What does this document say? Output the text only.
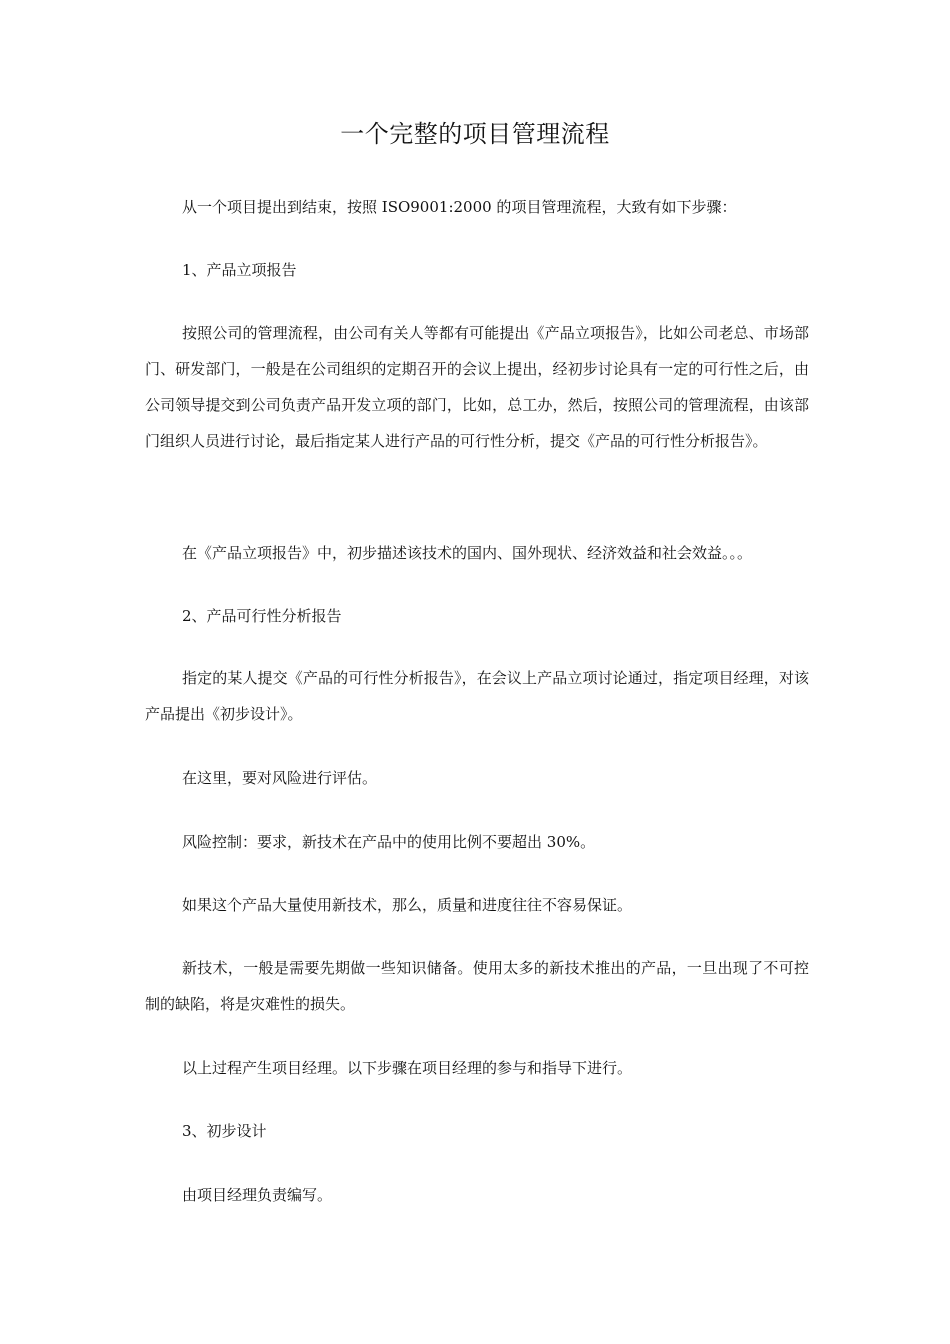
一个完整的项目管理流程

从一个项目提出到结束，按照 ISO9001:2000 的项目管理流程，大致有如下步骤：

1、产品立项报告

按照公司的管理流程，由公司有关人等都有可能提出《产品立项报告》，比如公司老总、市场部门、研发部门，一般是在公司组织的定期召开的会议上提出，经初步讨论具有一定的可行性之后，由公司领导提交到公司负责产品开发立项的部门，比如，总工办，然后，按照公司的管理流程，由该部门组织人员进行讨论，最后指定某人进行产品的可行性分析，提交《产品的可行性分析报告》。

在《产品立项报告》中，初步描述该技术的国内、国外现状、经济效益和社会效益。。。

2、产品可行性分析报告

指定的某人提交《产品的可行性分析报告》，在会议上产品立项讨论通过，指定项目经理，对该产品提出《初步设计》。

在这里，要对风险进行评估。

风险控制：要求，新技术在产品中的使用比例不要超出 30%。

如果这个产品大量使用新技术，那么，质量和进度往往不容易保证。

新技术，一般是需要先期做一些知识储备。使用太多的新技术推出的产品，一旦出现了不可控制的缺陷，将是灾难性的损失。

以上过程产生项目经理。以下步骤在项目经理的参与和指导下进行。

3、初步设计

由项目经理负责编写。
